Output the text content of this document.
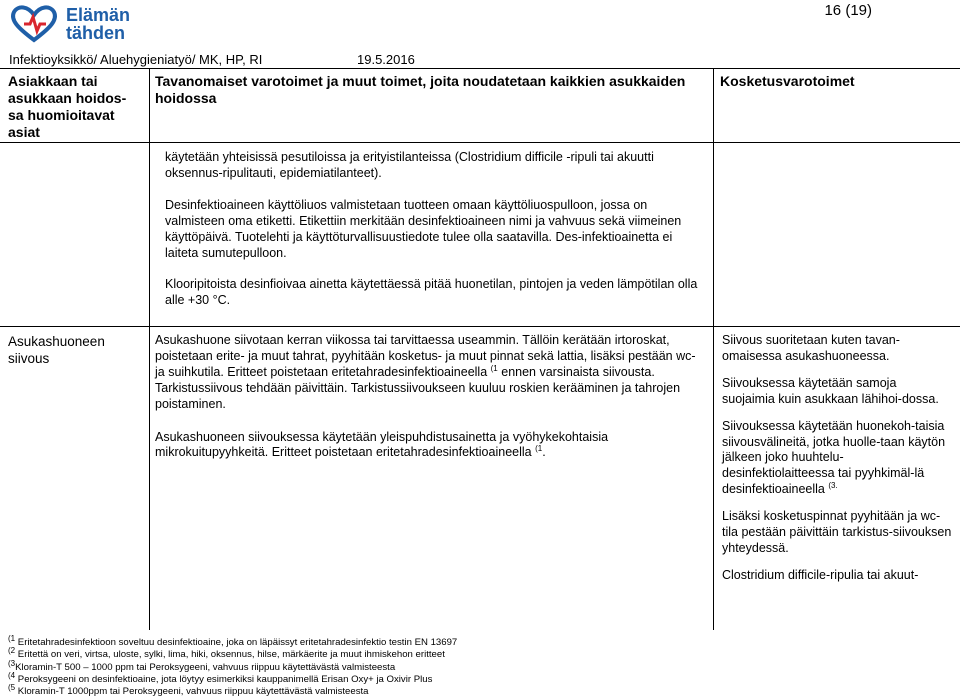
Elämän
tähden
16 (19)
Infektioyksikkö/ Aluehygieniatyö/ MK, HP, RI	19.5.2016
Asiakkaan tai asukkaan hoidos-sa huomioitavat asiat
Tavanomaiset varotoimet ja muut toimet, joita noudatetaan kaikkien asukkaiden hoidossa
Kosketusvarotoimet

käytetään yhteisissä pesutiloissa ja erityistilanteissa (Clostridium difficile -ripuli tai akuutti oksennus-ripulitauti, epidemiatilanteet).

Desinfektioaineen käyttöliuos valmistetaan tuotteen omaan käyttöliuospulloon, jossa on valmisteen oma etiketti. Etikettiin merkitään desinfektioaineen nimi ja vahvuus sekä viimeinen käyttöpäivä. Tuotelehti ja käyttöturvallisuustiedote tulee olla saatavilla. Des-infektioainetta ei laiteta sumutepulloon.

Klooripitoista desinfioivaa ainetta käytettäessä pitää huonetilan, pintojen ja veden lämpötilan olla alle +30 °C.

Asukashuoneen siivous
Asukashuone siivotaan kerran viikossa tai tarvittaessa useammin. Tällöin kerätään irtoroskat, poistetaan erite- ja muut tahrat, pyyhitään kosketus- ja muut pinnat sekä lattia, lisäksi pestään wc- ja suihkutila. Eritteet poistetaan eritetahradesinfektioaineella $^{(1}$ ennen varsinaista siivousta.
Tarkistussiivous tehdään päivittäin. Tarkistussiivoukseen kuuluu roskien kerääminen ja tahrojen poistaminen.
Asukashuoneen siivouksessa käytetään yleispuhdistusainetta ja vyöhykekohtaisia mikrokuitupyyhkeitä. Eritteet poistetaan eritetahradesinfektioaineella $^{(1}$.

Siivous suoritetaan kuten tavan-omaisessa asukashuoneessa.

Siivouksessa käytetään samoja suojaimia kuin asukkaan lähihoi-dossa.

Siivouksessa käytetään huonekoh-taisia siivousvälineitä, jotka huolle-taan käytön jälkeen joko huuhtelu-desinfektiolaitteessa tai pyyhkimäl-lä desinfektioaineella $^{(3.}$

Lisäksi kosketuspinnat pyyhitään ja wc-tila pestään päivittäin tarkistus-siivouksen yhteydessä.

Clostridium difficile-ripulia tai akuut-

$^{(1}$ Eritetahradesinfektioon soveltuu desinfektioaine, joka on läpäissyt eritetahradesinfektio testin EN 13697
$^{(2}$ Eritettä on veri, virtsa, uloste, sylki, lima, hiki, oksennus, hilse, märkäerite ja muut ihmiskehon eritteet
$^{(3}$Kloramin-T 500 – 1000 ppm tai Peroksygeeni, vahvuus riippuu käytettävästä valmisteesta
$^{(4}$ Peroksygeeni on desinfektioaine, jota löytyy esimerkiksi kauppanimellä Erisan Oxy+ ja Oxivir Plus
$^{(5}$ Kloramin-T 1000ppm tai Peroksygeeni, vahvuus riippuu käytettävästä valmisteesta
